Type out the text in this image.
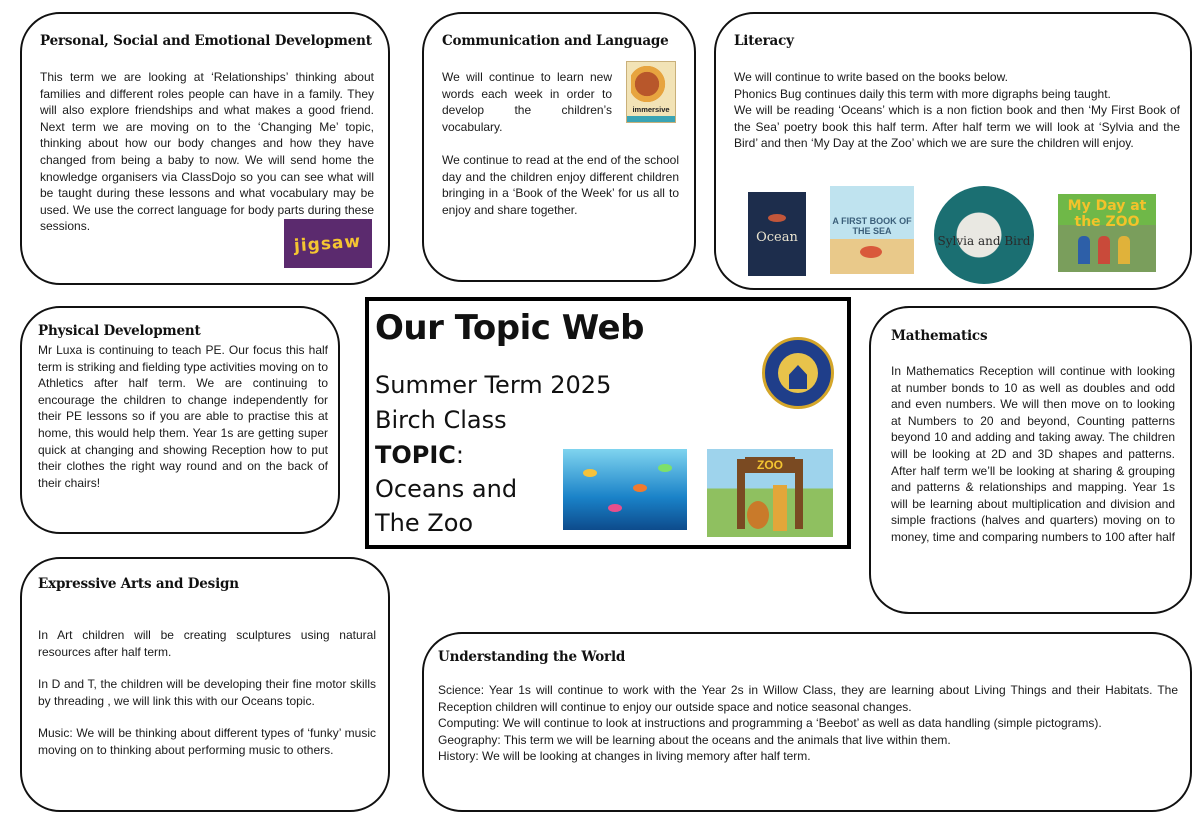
Personal, Social and Emotional Development

This term we are looking at ‘Relationships’ thinking about families and different roles people can have in a family. They will also explore friendships and what makes a good friend. Next term we are moving on to the ‘Changing Me’ topic, thinking about how our body changes and how they have changed from being a baby to now. We will send home the knowledge organisers via ClassDojo so you can see what will be taught during these lessons and what vocabulary may be used. We use the correct language for body parts during these sessions.

jigsaw
Communication and Language

We will continue to learn new words each week in order to develop the children’s vocabulary.

immersive

We continue to read at the end of the school day and the children enjoy different children bringing in a ‘Book of the Week’ for us all to enjoy and share together.

Literacy
We will continue to write based on the books below.
Phonics Bug continues daily this term with more digraphs being taught.
We will be reading ‘Oceans’ which is a non fiction book and then ‘My First Book of the Sea’ poetry book this half term. After half term we will look at ‘Sylvia and the Bird’ and then ‘My Day at the Zoo’ which we are sure the children will enjoy.
Ocean
A FIRST BOOK OF THE SEA
Sylvia and Bird
My Day at the ZOO
Physical Development

Mr Luxa is continuing to teach PE. Our focus this half term is striking and fielding type activities moving on to Athletics after half term. We are continuing to encourage the children to change independently for their PE lessons so if you are able to practise this at home, this would help them. Year 1s are getting super quick at changing and showing Reception how to put their clothes the right way round and on the back of their chairs!

Our Topic Web
Summer Term 2025
Birch Class
TOPIC:
Oceans and
The Zoo
ZOO
Mathematics

In Mathematics Reception will continue with looking at number bonds to 10 as well as doubles and odd and even numbers. We will then move on to looking at Numbers to 20 and beyond, Counting patterns beyond 10 and adding and taking away. The children will be looking at 2D and 3D shapes and patterns. After half term we’ll be looking at sharing & grouping and patterns & relationships and mapping. Year 1s will be learning about multiplication and division and simple fractions (halves and quarters) moving on to money, time and comparing numbers to 100 after half

Expressive Arts and Design

In Art children will be creating sculptures using natural resources after half term.

In D and T, the children will be developing their fine motor skills by threading , we will link this with our Oceans topic.

Music: We will be thinking about different types of ‘funky’ music moving on to thinking about performing music to others.

Understanding the World
Science: Year 1s will continue to work with the Year 2s in Willow Class, they are learning about Living Things and their Habitats. The Reception children will continue to enjoy our outside space and notice seasonal changes.
Computing: We will continue to look at instructions and programming a ‘Beebot’ as well as data handling (simple pictograms).
Geography: This term we will be learning about the oceans and the animals that live within them.
History: We will be looking at changes in living memory after half term.
